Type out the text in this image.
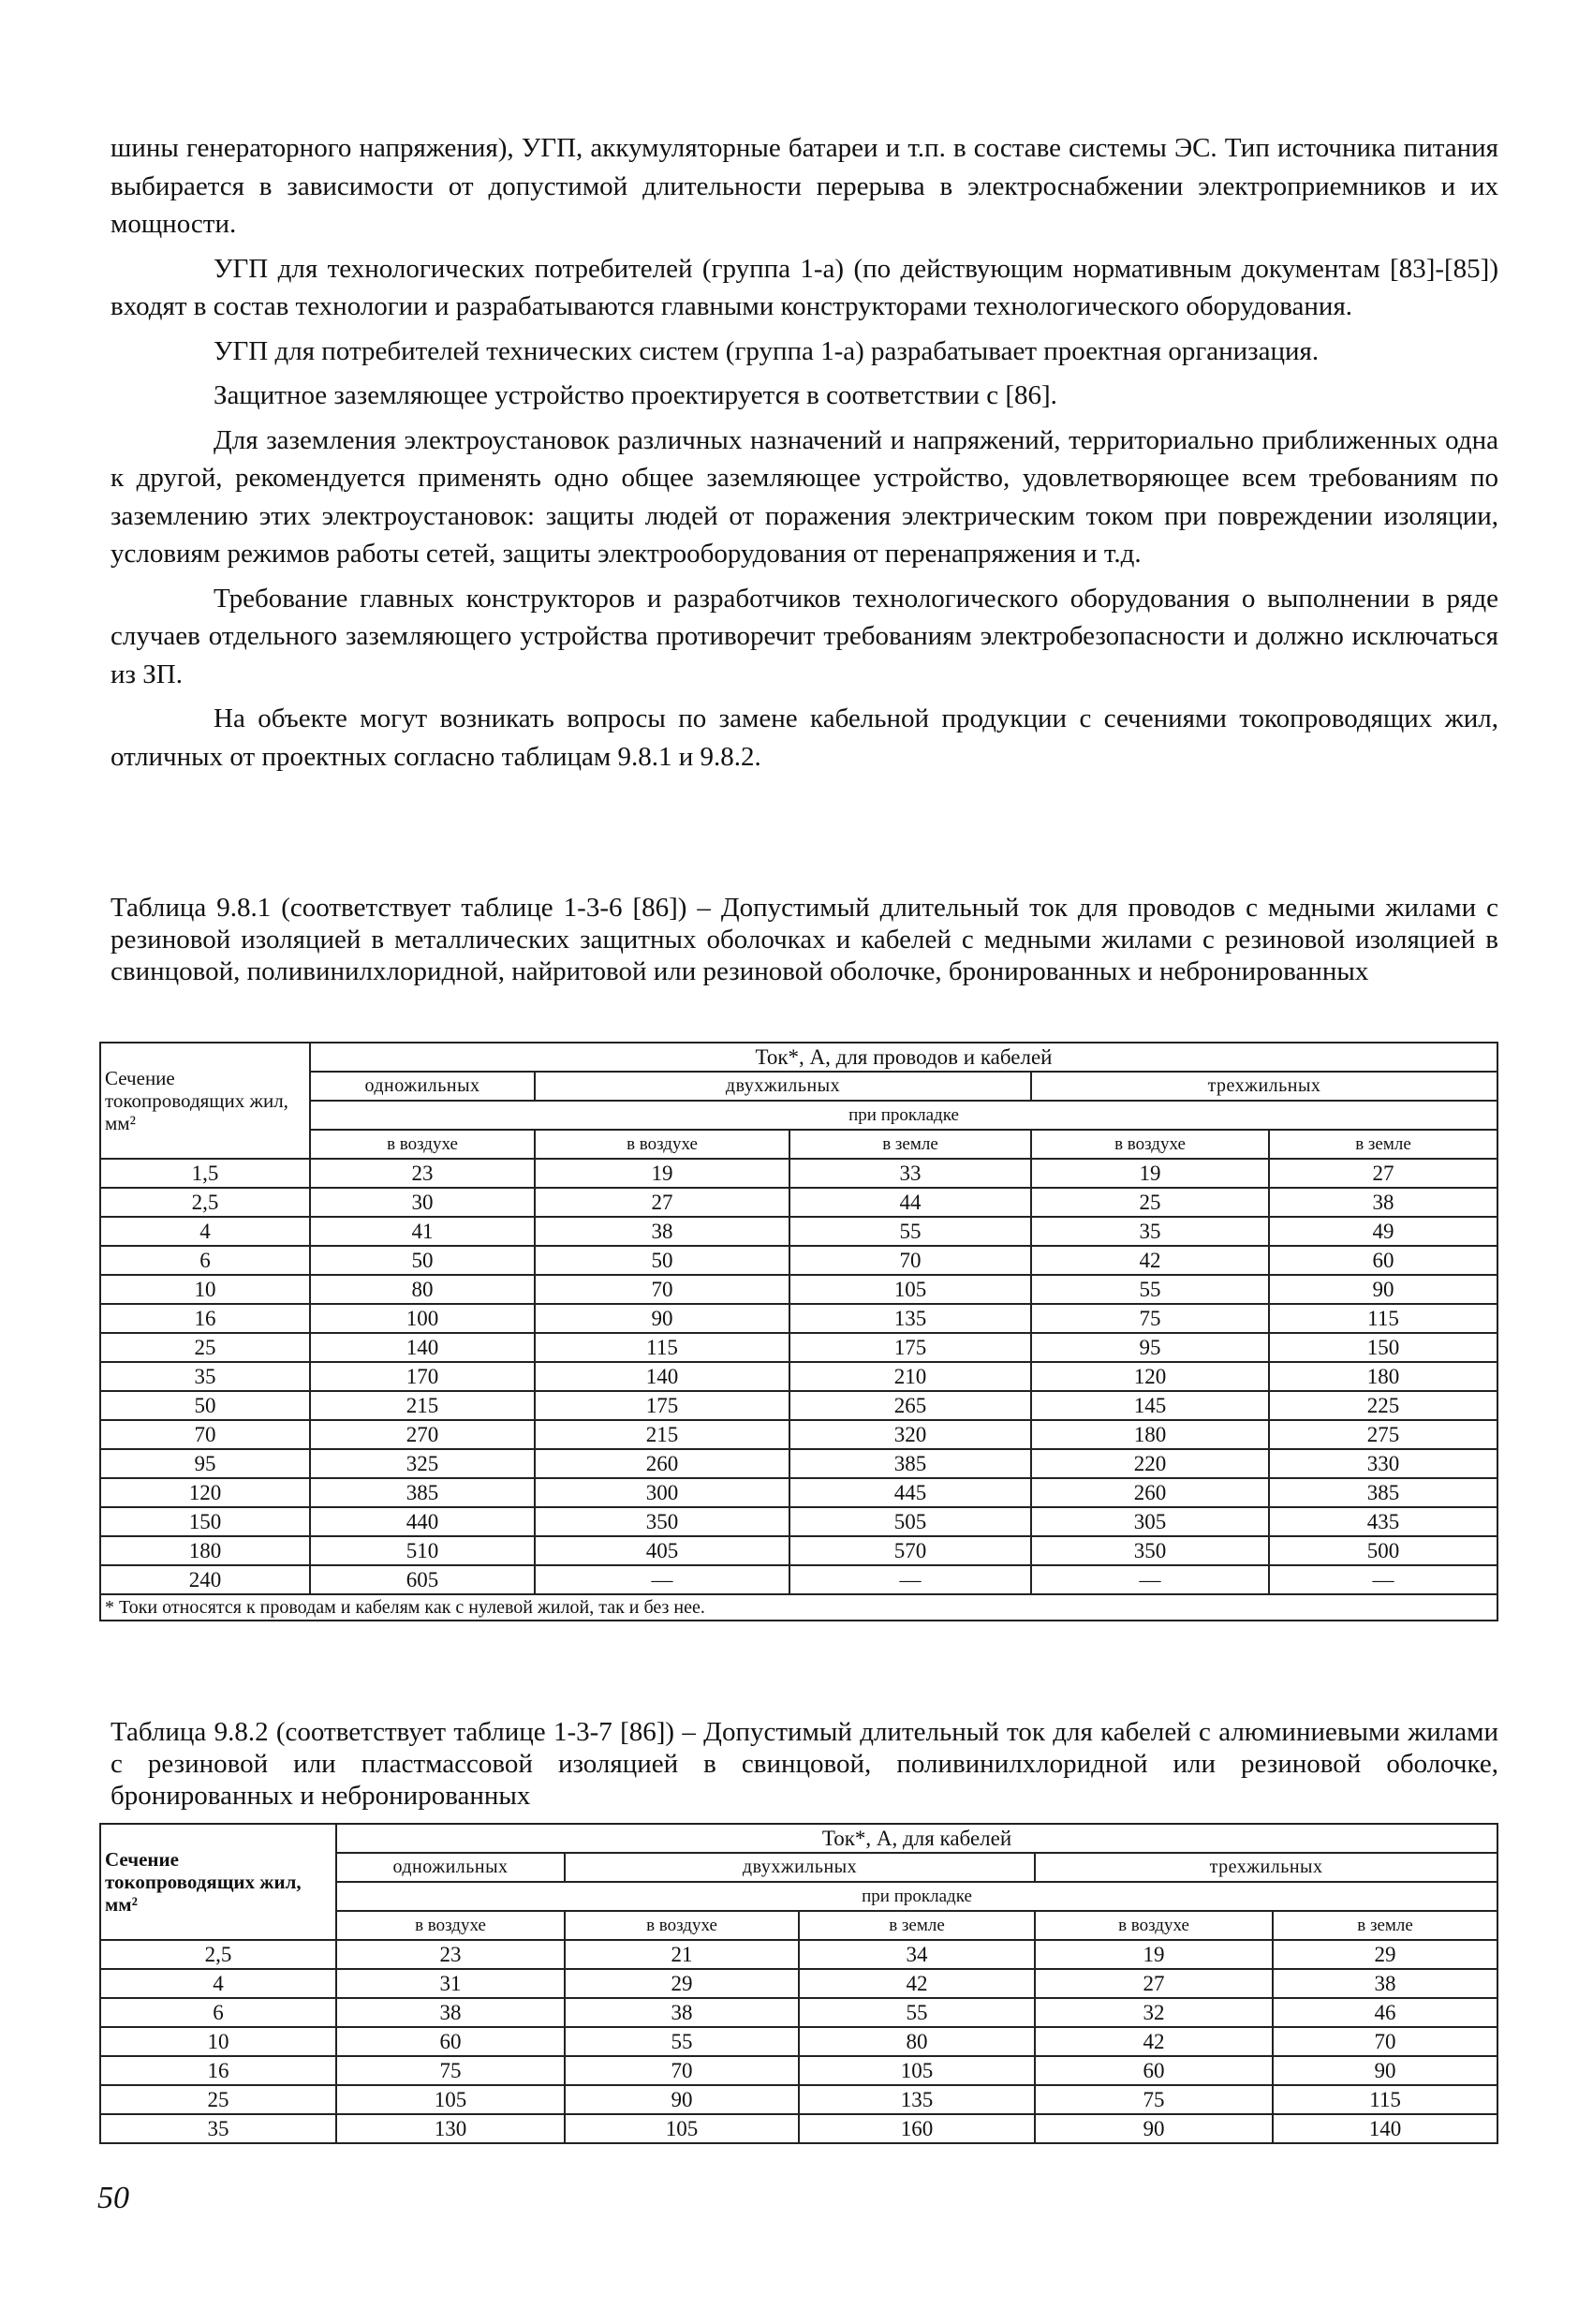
шины генераторного напряжения), УГП, аккумуляторные батареи и т.п. в составе системы ЭС. Тип источника питания выбирается в зависимости от допустимой длительности перерыва в электроснабжении электроприемников и их мощности.

УГП для технологических потребителей (группа 1-а) (по действующим нормативным документам [83]-[85]) входят в состав технологии и разрабатываются главными конструкторами технологического оборудования.

УГП для потребителей технических систем (группа 1-а) разрабатывает проектная организация.

Защитное заземляющее устройство проектируется в соответствии с [86].

Для заземления электроустановок различных назначений и напряжений, территориально приближенных одна к другой, рекомендуется применять одно общее заземляющее устройство, удовлетворяющее всем требованиям по заземлению этих электроустановок: защиты людей от поражения электрическим током при повреждении изоляции, условиям режимов работы сетей, защиты электрооборудования от перенапряжения и т.д.

Требование главных конструкторов и разработчиков технологического оборудования о выполнении в ряде случаев отдельного заземляющего устройства противоречит требованиям электробезопасности и должно исключаться из ЗП.

На объекте могут возникать вопросы по замене кабельной продукции с сечениями токопроводящих жил, отличных от проектных согласно таблицам 9.8.1 и 9.8.2.

Таблица 9.8.1 (соответствует таблице 1-3-6 [86]) – Допустимый длительный ток для проводов с медными жилами с резиновой изоляцией в металлических защитных оболочках и кабелей с медными жилами с резиновой изоляцией в свинцовой, поливинилхлоридной, найритовой или резиновой оболочке, бронированных и небронированных
Сечение токопроводящих жил, мм²	Ток*, А, для проводов и кабелей				
	одножильных	двухжильных		трехжильных	
	при прокладке				
	в воздухе	в воздухе	в земле	в воздухе	в земле
1,5	23	19	33	19	27
2,5	30	27	44	25	38
4	41	38	55	35	49
6	50	50	70	42	60
10	80	70	105	55	90
16	100	90	135	75	115
25	140	115	175	95	150
35	170	140	210	120	180
50	215	175	265	145	225
70	270	215	320	180	275
95	325	260	385	220	330
120	385	300	445	260	385
150	440	350	505	305	435
180	510	405	570	350	500
240	605	—	—	—	—
* Токи относятся к проводам и кабелям как с нулевой жилой, так и без нее.					
Таблица 9.8.2 (соответствует таблице 1-3-7 [86]) – Допустимый длительный ток для кабелей с алюминиевыми жилами с резиновой или пластмассовой изоляцией в свинцовой, поливинилхлоридной или резиновой оболочке, бронированных и небронированных
Сечение токопроводящих жил, мм²	Ток*, А, для кабелей				
	одножильных	двухжильных		трехжильных	
	при прокладке				
	в воздухе	в воздухе	в земле	в воздухе	в земле
2,5	23	21	34	19	29
4	31	29	42	27	38
6	38	38	55	32	46
10	60	55	80	42	70
16	75	70	105	60	90
25	105	90	135	75	115
35	130	105	160	90	140
50
